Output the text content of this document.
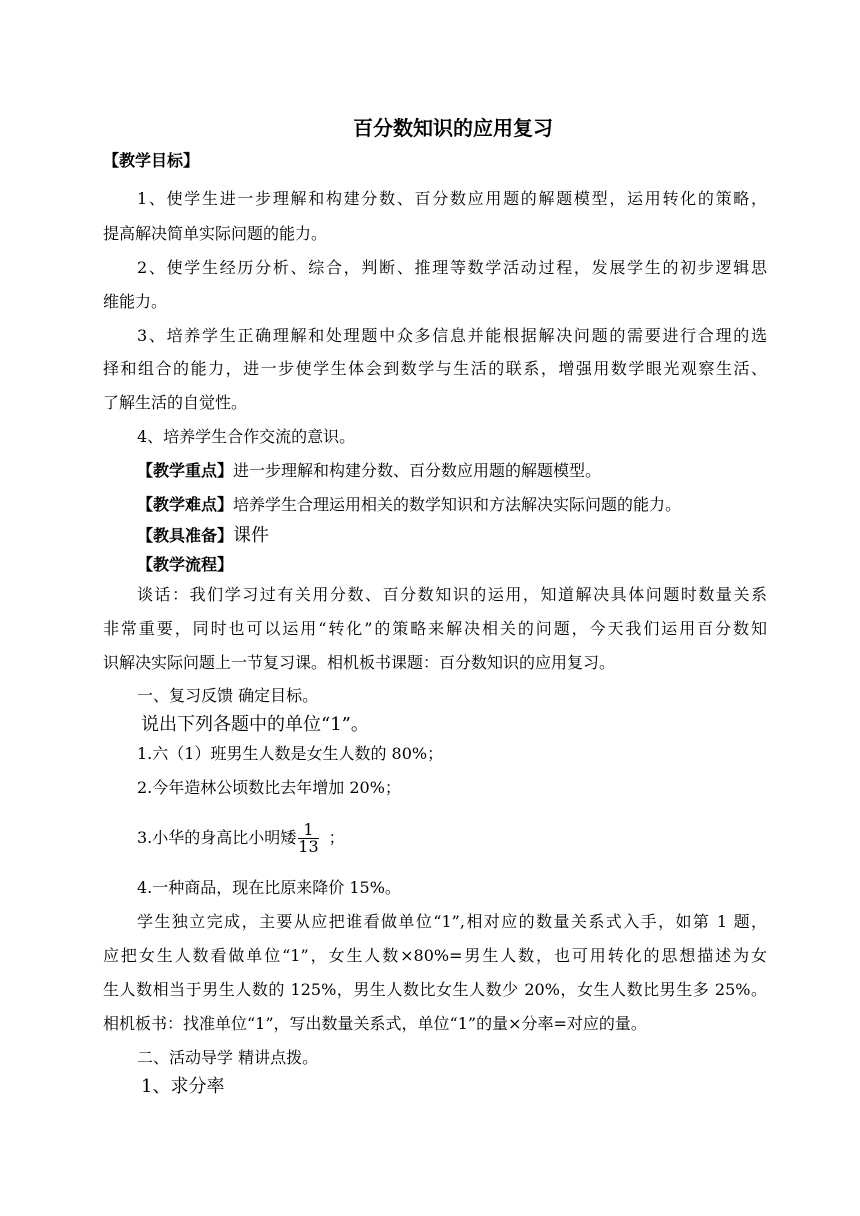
百分数知识的应用复习
【教学目标】
1、使学生进一步理解和构建分数、百分数应用题的解题模型，运用转化的策略，
提高解决简单实际问题的能力。
2、使学生经历分析、综合，判断、推理等数学活动过程，发展学生的初步逻辑思
维能力。
3、培养学生正确理解和处理题中众多信息并能根据解决问题的需要进行合理的选
择和组合的能力，进一步使学生体会到数学与生活的联系，增强用数学眼光观察生活、
了解生活的自觉性。
4、培养学生合作交流的意识。
【教学重点】进一步理解和构建分数、百分数应用题的解题模型。
【教学难点】培养学生合理运用相关的数学知识和方法解决实际问题的能力。
【教具准备】课件
【教学流程】
谈话：我们学习过有关用分数、百分数知识的运用，知道解决具体问题时数量关系
非常重要，同时也可以运用“转化”的策略来解决相关的问题，今天我们运用百分数知
识解决实际问题上一节复习课。相机板书课题：百分数知识的应用复习。
一、复习反馈 确定目标。
说出下列各题中的单位“1”。
1.六（1）班男生人数是女生人数的 80%；
2.今年造林公顷数比去年增加 20%；
3.小华的身高比小明矮 $\frac{1}{13}$ ；
4.一种商品，现在比原来降价 15%。
学生独立完成，主要从应把谁看做单位“1”,相对应的数量关系式入手，如第 1 题，
应把女生人数看做单位“1”，女生人数×80%=男生人数，也可用转化的思想描述为女
生人数相当于男生人数的 125%，男生人数比女生人数少 20%，女生人数比男生多 25%。
相机板书：找准单位“1”，写出数量关系式，单位“1”的量×分率=对应的量。
二、活动导学 精讲点拨。
1、求分率
